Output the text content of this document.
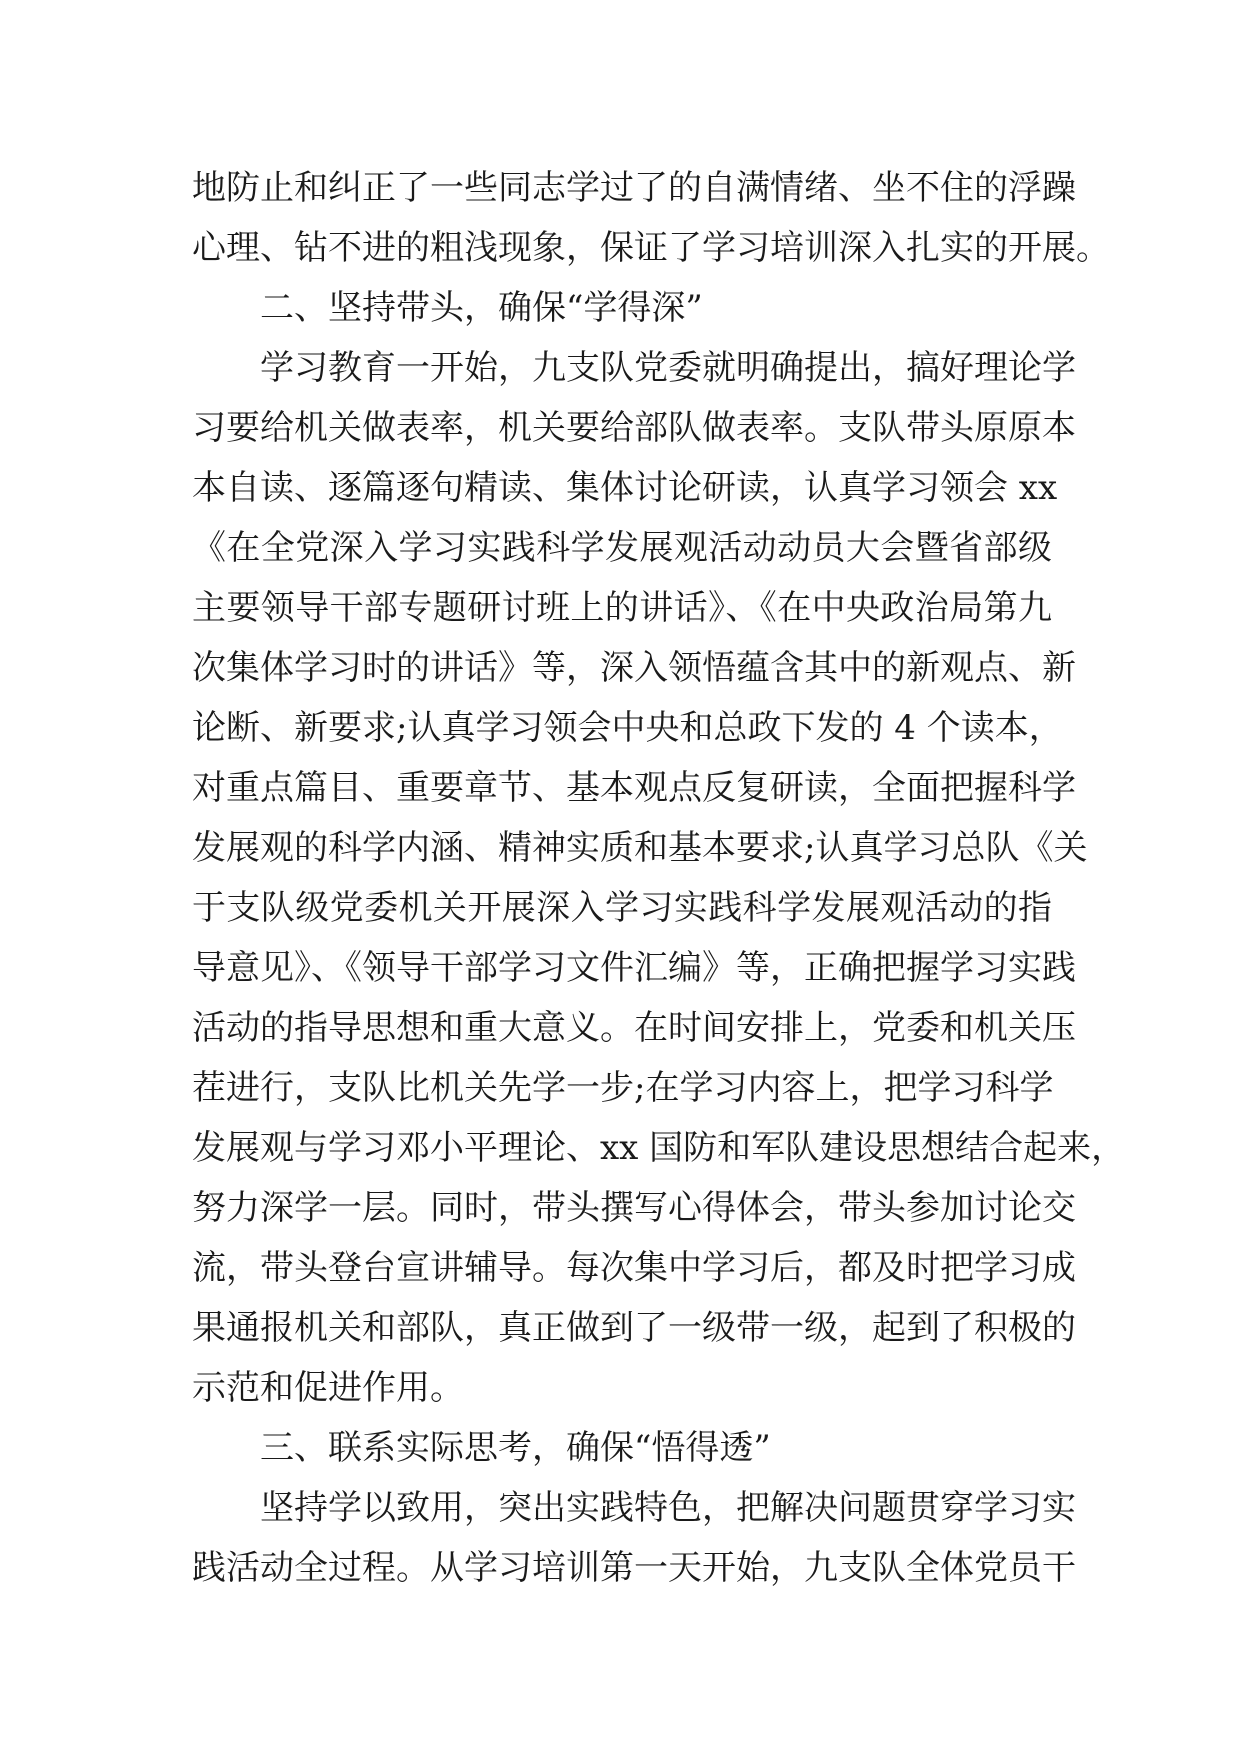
地防止和纠正了一些同志学过了的自满情绪、坐不住的浮躁
心理、钻不进的粗浅现象，保证了学习培训深入扎实的开展。
二、坚持带头，确保“学得深”
学习教育一开始，九支队党委就明确提出，搞好理论学
习要给机关做表率，机关要给部队做表率。支队带头原原本
本自读、逐篇逐句精读、集体讨论研读，认真学习领会 xx
《在全党深入学习实践科学发展观活动动员大会暨省部级
主要领导干部专题研讨班上的讲话》、《在中央政治局第九
次集体学习时的讲话》等，深入领悟蕴含其中的新观点、新
论断、新要求;认真学习领会中央和总政下发的 4 个读本，
对重点篇目、重要章节、基本观点反复研读，全面把握科学
发展观的科学内涵、精神实质和基本要求;认真学习总队《关
于支队级党委机关开展深入学习实践科学发展观活动的指
导意见》、《领导干部学习文件汇编》等，正确把握学习实践
活动的指导思想和重大意义。在时间安排上，党委和机关压
茬进行，支队比机关先学一步;在学习内容上，把学习科学
发展观与学习邓小平理论、xx 国防和军队建设思想结合起来，
努力深学一层。同时，带头撰写心得体会，带头参加讨论交
流，带头登台宣讲辅导。每次集中学习后，都及时把学习成
果通报机关和部队，真正做到了一级带一级，起到了积极的
示范和促进作用。
三、联系实际思考，确保“悟得透”
坚持学以致用，突出实践特色，把解决问题贯穿学习实
践活动全过程。从学习培训第一天开始，九支队全体党员干
